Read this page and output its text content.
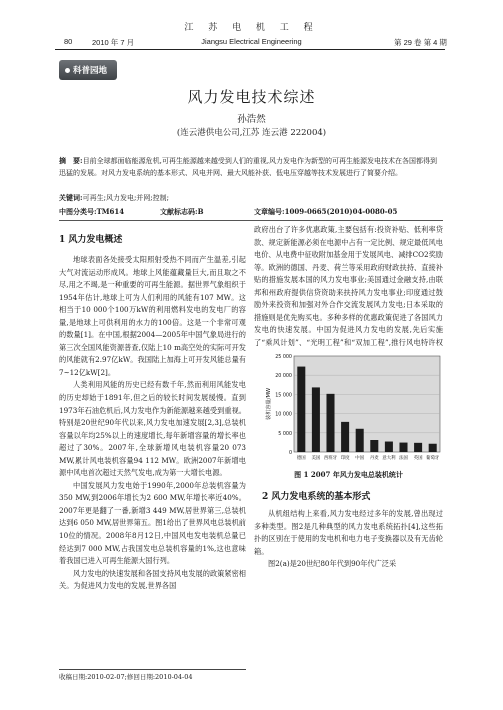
江 苏 电 机 工 程
80	2010 年 7 月	Jiangsu Electrical Engineering	第 29 卷 第 4 期
科普园地
风力发电技术综述
孙浩然
(连云港供电公司,江苏 连云港 222004)
摘　要:目前全球都面临能源危机,可再生能源越来越受到人们的重视,风力发电作为新型的可再生能源发电技术在各国都得到迅猛的发展。对风力发电系统的基本形式、风电并网、最大风能补获、低电压穿越等技术发展进行了简要介绍。
关键词:可再生;风力发电;并网;控制;
中图分类号:TM614	文献标志码:B	文章编号:1009-0665(2010)04-0080-05
1 风力发电概述

地球表面各处接受太阳照射受热不同而产生温差,引起大气对流运动形成风。地球上风能蕴藏量巨大,而且取之不尽,用之不竭,是一种重要的可再生能源。据世界气象组织于1954年估计,地球上可为人们利用的风能有107 MW。这相当于10 000个100万kW的利用燃料发电的发电厂的容量,是地球上可供利用的水力的100倍。这是一个非常可观的数量[1]。在中国,根据2004—2005年中国气象局进行的第三次全国风能资源普查,仅陆上10 m高空处的实际可开发的风能就有2.97亿kW。我国陆上加海上可开发风能总量有7~12亿kW[2]。

人类利用风能的历史已经有数千年,然而利用风能发电的历史却始于1891年,但之后的较长时间发展缓慢。直到1973年石油危机后,风力发电作为新能源越来越受到重视。特别是20世纪90年代以来,风力发电加速发展[2,3],总装机容量以年均25%以上的速度增长,每年新增容量的增长率也超过了30%。2007年,全球新增风电装机容量20 073 MW,累计风电装机容量94 112 MW。欧洲2007年新增电源中风电首次超过天然气发电,成为第一大增长电源。

中国发展风力发电始于1990年,2000年总装机容量为350 MW,到2006年增长为2 600 MW,年增长率近40%。2007年更是翻了一番,新增3 449 MW,居世界第三,总装机达到6 050 MW,居世界第五。图1给出了世界风电总装机前10位的情况。2008年8月12日,中国风电发电装机总量已经达到7 000 MW,占我国发电总装机容量的1%,这也意味着我国已进入可再生能源大国行列。

风力发电的快速发展和各国支持风电发展的政策紧密相关。为促进风力发电的发展,世界各国

政府出台了许多优惠政策,主要包括有:投资补贴、低利率贷款、规定新能源必须在电源中占有一定比例、规定最低风电电价、从电费中征收附加基金用于发展风电、减排CO2奖励等。欧洲的德国、丹麦、荷兰等采用政府财政扶持、直接补贴的措施发展本国的风力发电事业;美国通过金融支持,由联邦和州政府提供信贷资助来扶持风力发电事业;印度通过鼓励外来投资和加强对外合作交流发展风力发电;日本采取的措施则是优先购买电。多种多样的优惠政策促进了各国风力发电的快速发展。中国为促进风力发电的发展,先后实施了“乘风计划”、“光明工程”和“双加工程”,推行风电特许权

0
5 000
10 000
15 000
20 000
25 000
德国 美国 西班牙 印度 中国 丹麦 意大利 法国 英国 葡萄牙
装机容量/MW
图 1 2007 年风力发电总装机统计
2 风力发电系统的基本形式

从机组结构上来看,风力发电经过多年的发展,曾出现过多种类型。图2是几种典型的风力发电系统拓扑[4],这些拓扑的区别在于使用的发电机和电力电子变换器以及有无齿轮箱。

图2(a)是20世纪80年代到90年代广泛采

收稿日期:2010-02-07;修回日期:2010-04-04
